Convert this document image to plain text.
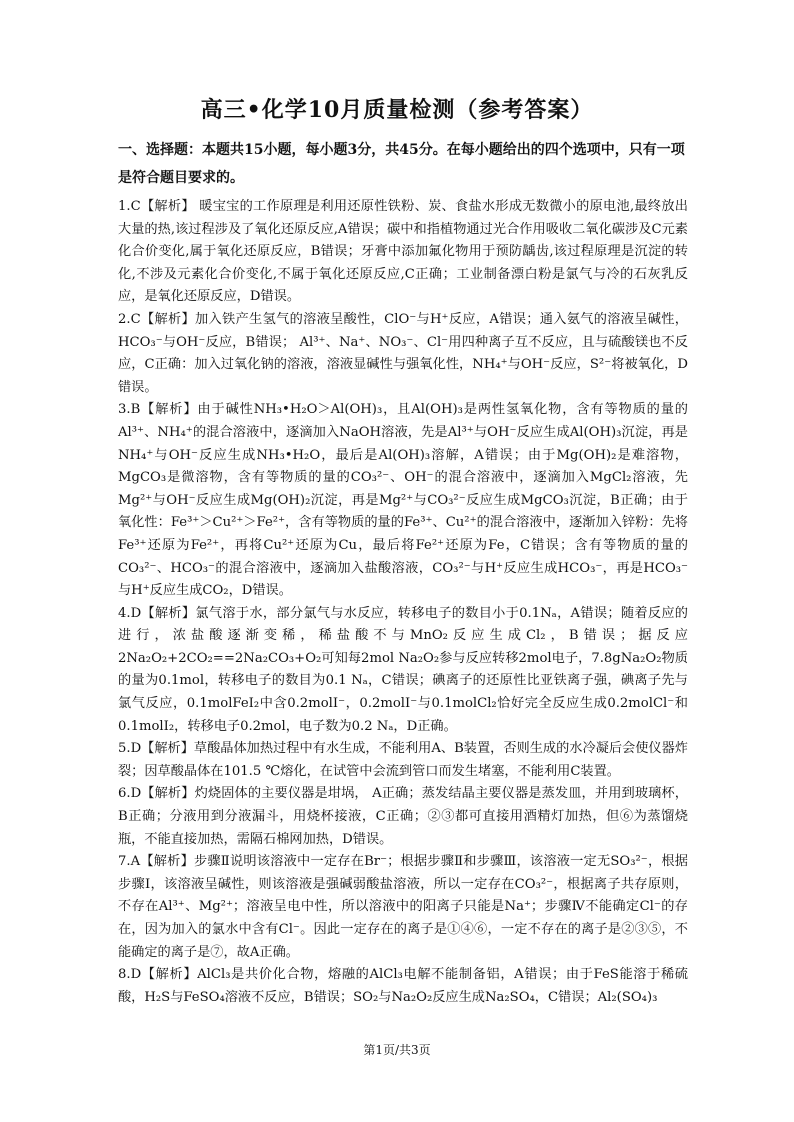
高三•化学10月质量检测（参考答案）
一、选择题：本题共15小题，每小题3分，共45分。在每小题给出的四个选项中，只有一项是符合题目要求的。

1.C【解析】 暖宝宝的工作原理是利用还原性铁粉、炭、食盐水形成无数微小的原电池,最终放出大量的热,该过程涉及了氧化还原反应,A错误；碳中和指植物通过光合作用吸收二氧化碳涉及C元素化合价变化,属于氧化还原反应，B错误；牙膏中添加氟化物用于预防龋齿,该过程原理是沉淀的转化,不涉及元素化合价变化,不属于氧化还原反应,C正确；工业制备漂白粉是氯气与冷的石灰乳反应，是氧化还原反应，D错误。

2.C【解析】加入铁产生氢气的溶液呈酸性，ClO⁻与H⁺反应，A错误；通入氨气的溶液呈碱性，HCO₃⁻与OH⁻反应，B错误； Al³⁺、Na⁺、NO₃⁻、Cl⁻用四种离子互不反应，且与硫酸镁也不反应，C正确：加入过氧化钠的溶液，溶液显碱性与强氧化性，NH₄⁺与OH⁻反应，S²⁻将被氧化，D错误。

3.B【解析】由于碱性NH₃•H₂O＞Al(OH)₃，且Al(OH)₃是两性氢氧化物，含有等物质的量的Al³⁺、NH₄⁺的混合溶液中，逐滴加入NaOH溶液，先是Al³⁺与OH⁻反应生成Al(OH)₃沉淀，再是NH₄⁺与OH⁻反应生成NH₃•H₂O，最后是Al(OH)₃溶解，A错误；由于Mg(OH)₂是难溶物，MgCO₃是微溶物，含有等物质的量的CO₃²⁻、OH⁻的混合溶液中，逐滴加入MgCl₂溶液，先Mg²⁺与OH⁻反应生成Mg(OH)₂沉淀，再是Mg²⁺与CO₃²⁻反应生成MgCO₃沉淀，B正确；由于氧化性：Fe³⁺＞Cu²⁺＞Fe²⁺，含有等物质的量的Fe³⁺、Cu²⁺的混合溶液中，逐渐加入锌粉：先将Fe³⁺还原为Fe²⁺，再将Cu²⁺还原为Cu，最后将Fe²⁺还原为Fe，C错误；含有等物质的量的CO₃²⁻、HCO₃⁻的混合溶液中，逐滴加入盐酸溶液，CO₃²⁻与H⁺反应生成HCO₃⁻，再是HCO₃⁻与H⁺反应生成CO₂，D错误。

4.D【解析】氯气溶于水，部分氯气与水反应，转移电子的数目小于0.1Nₐ，A错误；随着反应的进行，浓盐酸逐渐变稀，稀盐酸不与MnO₂反应生成Cl₂，B错误；据反应2Na₂O₂+2CO₂==2Na₂CO₃+O₂可知每2mol Na₂O₂参与反应转移2mol电子，7.8gNa₂O₂物质的量为0.1mol，转移电子的数目为0.1 Nₐ，C错误；碘离子的还原性比亚铁离子强，碘离子先与氯气反应，0.1molFeI₂中含0.2molI⁻，0.2molI⁻与0.1molCl₂恰好完全反应生成0.2molCl⁻和0.1molI₂，转移电子0.2mol，电子数为0.2 Nₐ，D正确。

5.D【解析】草酸晶体加热过程中有水生成，不能利用A、B装置，否则生成的水冷凝后会使仪器炸裂；因草酸晶体在101.5 ℃熔化，在试管中会流到管口而发生堵塞，不能利用C装置。

6.D【解析】灼烧固体的主要仪器是坩埚， A正确；蒸发结晶主要仪器是蒸发皿，并用到玻璃杯，B正确；分液用到分液漏斗，用烧杯接液，C正确；②③都可直接用酒精灯加热，但⑥为蒸馏烧瓶，不能直接加热，需隔石棉网加热，D错误。

7.A【解析】步骤Ⅱ说明该溶液中一定存在Br⁻；根据步骤Ⅱ和步骤Ⅲ，该溶液一定无SO₃²⁻，根据步骤Ⅰ，该溶液呈碱性，则该溶液是强碱弱酸盐溶液，所以一定存在CO₃²⁻，根据离子共存原则，不存在Al³⁺、Mg²⁺；溶液呈电中性，所以溶液中的阳离子只能是Na⁺；步骤Ⅳ不能确定Cl⁻的存在，因为加入的氯水中含有Cl⁻。因此一定存在的离子是①④⑥，一定不存在的离子是②③⑤，不能确定的离子是⑦，故A正确。

8.D【解析】AlCl₃是共价化合物，熔融的AlCl₃电解不能制备铝，A错误；由于FeS能溶于稀硫酸，H₂S与FeSO₄溶液不反应，B错误；SO₂与Na₂O₂反应生成Na₂SO₄，C错误；Al₂(SO₄)₃

第1页/共3页
